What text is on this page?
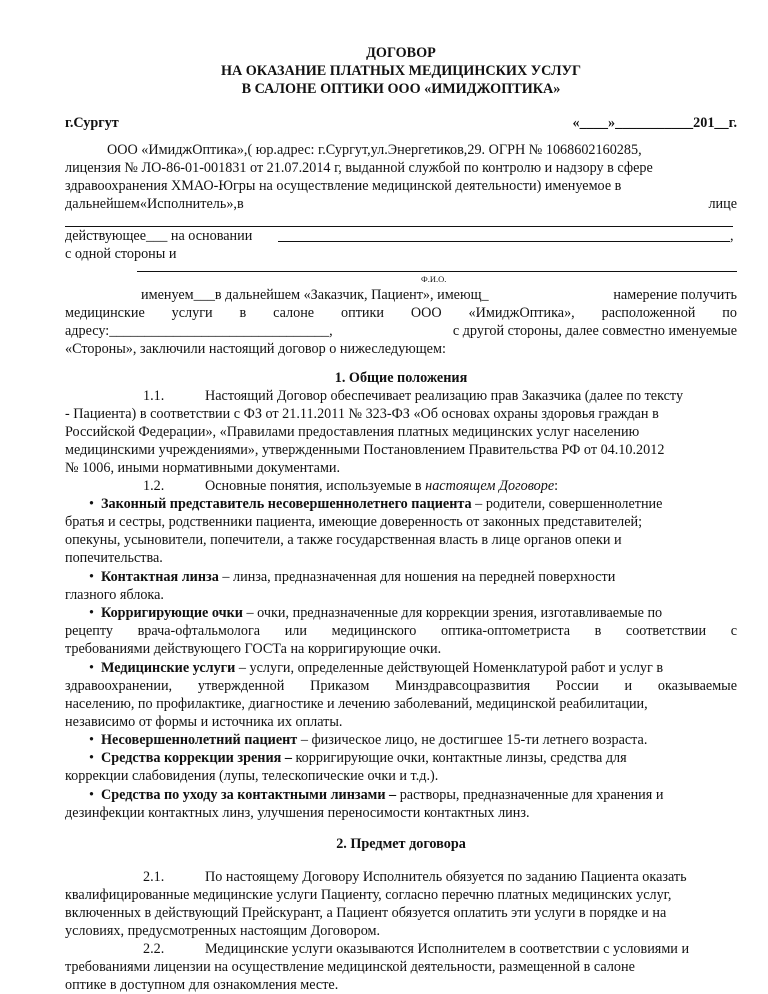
ДОГОВОР
НА ОКАЗАНИЕ ПЛАТНЫХ МЕДИЦИНСКИХ УСЛУГ
В САЛОНЕ ОПТИКИ ООО «ИМИДЖОПТИКА»
г.Сургут	«____»___________201__г.
ООО «ИмиджОптика»,( юр.адрес: г.Сургут,ул.Энергетиков,29. ОГРН № 1068602160285,
лицензия № ЛО-86-01-001831 от 21.07.2014 г, выданной службой по контролю и надзору в сфере
здравоохранения ХМАО-Югры на осуществление медицинской деятельности) именуемое в
дальнейшем«Исполнитель»,в	лице
действующее___ на основании	,
с одной стороны и
Ф.И.О.
именуем___в дальнейшем «Заказчик, Пациент», имеющ_	намерение получить
медицинские услуги в салоне оптики ООО «ИмиджОптика», расположенной по
адресу:_______________________________,	с другой стороны, далее совместно именуемые
«Стороны», заключили настоящий договор о нижеследующем:
1. Общие положения
1.1.	Настоящий Договор обеспечивает реализацию прав Заказчика (далее по тексту
- Пациента) в соответствии с ФЗ от 21.11.2011 № 323-ФЗ «Об основах охраны здоровья граждан в
Российской Федерации», «Правилами предоставления платных медицинских услуг населению
медицинскими учреждениями», утвержденными Постановлением Правительства РФ от 04.10.2012
№ 1006, иными нормативными документами.
1.2.	Основные понятия, используемые в настоящем Договоре:
• Законный представитель несовершеннолетнего пациента – родители, совершеннолетние
братья и сестры, родственники пациента, имеющие доверенность от законных представителей;
опекуны, усыновители, попечители, а также государственная власть в лице органов опеки и
попечительства.
• Контактная линза – линза, предназначенная для ношения на передней поверхности
глазного яблока.
• Корригирующие очки – очки, предназначенные для коррекции зрения, изготавливаемые по
рецепту врача-офтальмолога или медицинского оптика-оптометриста в соответствии с
требованиями действующего ГОСТа на корригирующие очки.
• Медицинские услуги – услуги, определенные действующей Номенклатурой работ и услуг в
здравоохранении, утвержденной Приказом Минздравсоцразвития России и оказываемые
населению, по профилактике, диагностике и лечению заболеваний, медицинской реабилитации,
независимо от формы и источника их оплаты.
• Несовершеннолетний пациент – физическое лицо, не достигшее 15-ти летнего возраста.
• Средства коррекции зрения – корригирующие очки, контактные линзы, средства для
коррекции слабовидения (лупы, телескопические очки и т.д.).
• Средства по уходу за контактными линзами – растворы, предназначенные для хранения и
дезинфекции контактных линз, улучшения переносимости контактных линз.
2. Предмет договора
2.1.	По настоящему Договору Исполнитель обязуется по заданию Пациента оказать
квалифицированные медицинские услуги Пациенту, согласно перечню платных медицинских услуг,
включенных в действующий Прейскурант, а Пациент обязуется оплатить эти услуги в порядке и на
условиях, предусмотренных настоящим Договором.
2.2.	Медицинские услуги оказываются Исполнителем в соответствии с условиями и
требованиями лицензии на осуществление медицинской деятельности, размещенной в салоне
оптике в доступном для ознакомления месте.
